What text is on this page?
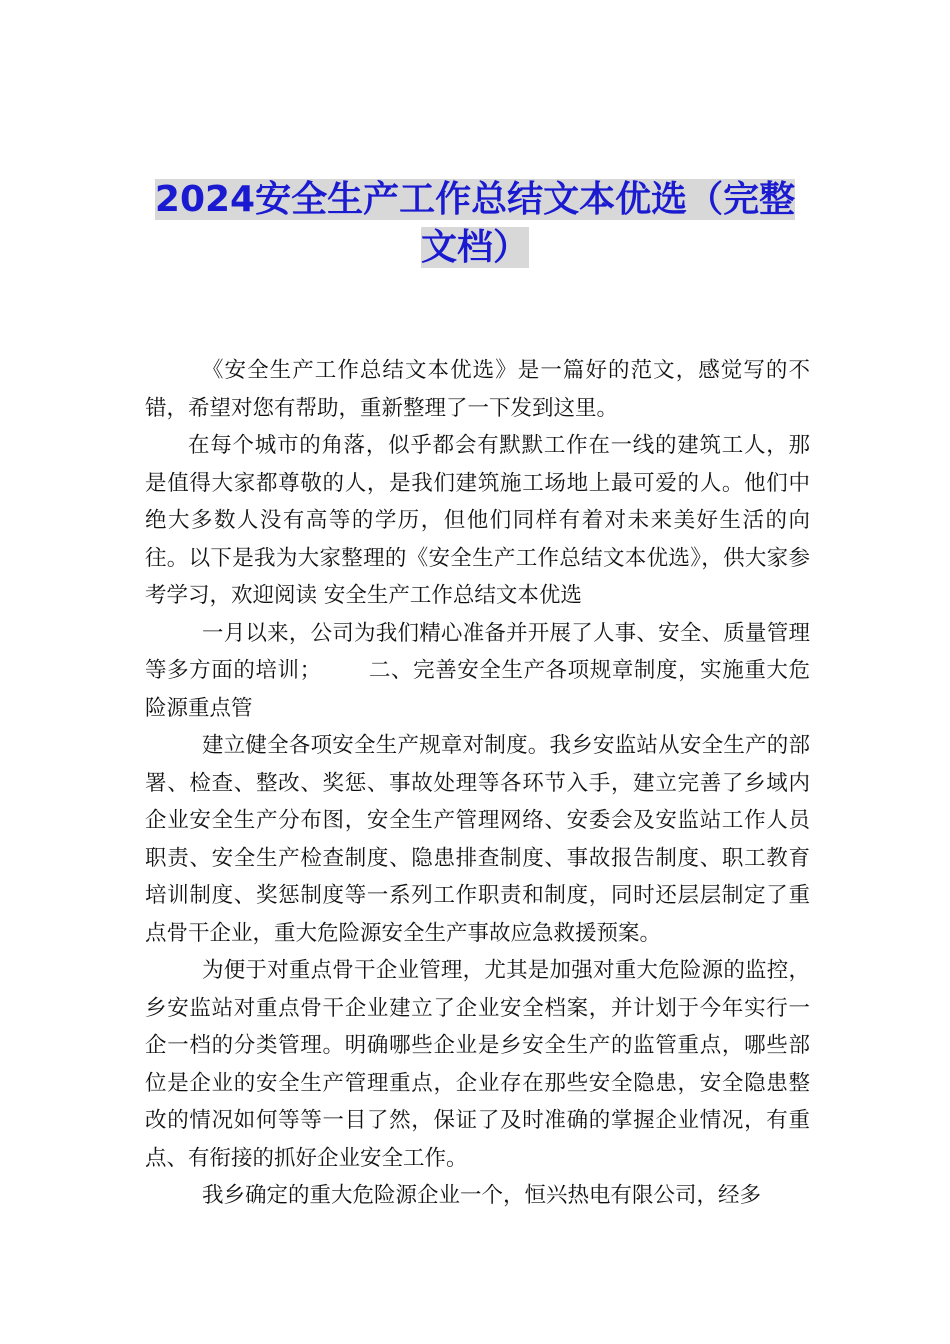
2024安全生产工作总结文本优选（完整
文档）

《安全生产工作总结文本优选》是一篇好的范文，感觉写的不错，希望对您有帮助，重新整理了一下发到这里。

在每个城市的角落，似乎都会有默默工作在一线的建筑工人，那是值得大家都尊敬的人，是我们建筑施工场地上最可爱的人。他们中绝大多数人没有高等的学历，但他们同样有着对未来美好生活的向往。以下是我为大家整理的《安全生产工作总结文本优选》，供大家参考学习，欢迎阅读 安全生产工作总结文本优选

一月以来，公司为我们精心准备并开展了人事、安全、质量管理等多方面的培训； 二、完善安全生产各项规章制度，实施重大危险源重点管

建立健全各项安全生产规章对制度。我乡安监站从安全生产的部署、检查、整改、奖惩、事故处理等各环节入手，建立完善了乡域内企业安全生产分布图，安全生产管理网络、安委会及安监站工作人员职责、安全生产检查制度、隐患排查制度、事故报告制度、职工教育培训制度、奖惩制度等一系列工作职责和制度，同时还层层制定了重点骨干企业，重大危险源安全生产事故应急救援预案。

为便于对重点骨干企业管理，尤其是加强对重大危险源的监控，乡安监站对重点骨干企业建立了企业安全档案，并计划于今年实行一企一档的分类管理。明确哪些企业是乡安全生产的监管重点，哪些部位是企业的安全生产管理重点，企业存在那些安全隐患，安全隐患整改的情况如何等等一目了然，保证了及时准确的掌握企业情况，有重点、有衔接的抓好企业安全工作。

我乡确定的重大危险源企业一个，恒兴热电有限公司，经多
